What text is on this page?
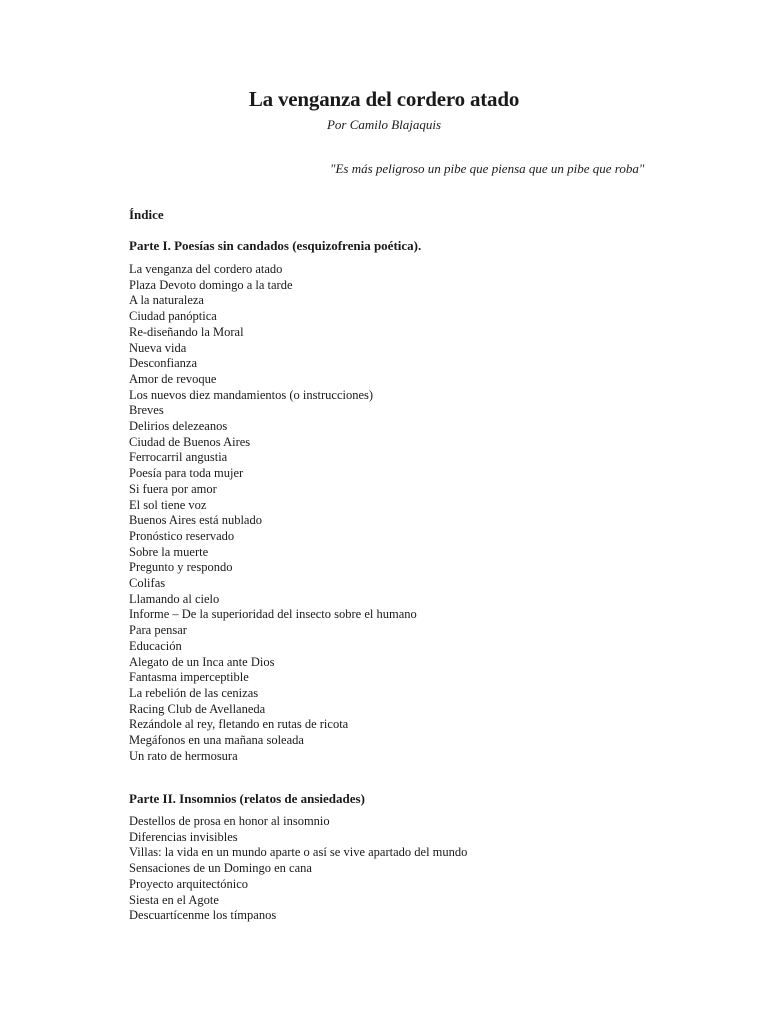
La venganza del cordero atado
Por Camilo Blajaquis
"Es más peligroso un pibe que piensa que un pibe que roba"
Índice
Parte I. Poesías sin candados (esquizofrenia poética).
La venganza del cordero atado
Plaza Devoto domingo a la tarde
A la naturaleza
Ciudad panóptica
Re-diseñando la Moral
Nueva vida
Desconfianza
Amor de revoque
Los nuevos diez mandamientos (o instrucciones)
Breves
Delirios delezeanos
Ciudad de Buenos Aires
Ferrocarril angustia
Poesía para toda mujer
Si fuera por amor
El sol tiene voz
Buenos Aires está nublado
Pronóstico reservado
Sobre la muerte
Pregunto y respondo
Colifas
Llamando al cielo
Informe – De la superioridad del insecto sobre el humano
Para pensar
Educación
Alegato de un Inca ante Dios
Fantasma imperceptible
La rebelión de las cenizas
Racing Club de Avellaneda
Rezándole al rey, fletando en rutas de ricota
Megáfonos en una mañana soleada
Un rato de hermosura
Parte II. Insomnios (relatos de ansiedades)
Destellos de prosa en honor al insomnio
Diferencias invisibles
Villas: la vida en un mundo aparte o así se vive apartado del mundo
Sensaciones de un Domingo en cana
Proyecto arquitectónico
Siesta en el Agote
Descuartícenme los tímpanos
